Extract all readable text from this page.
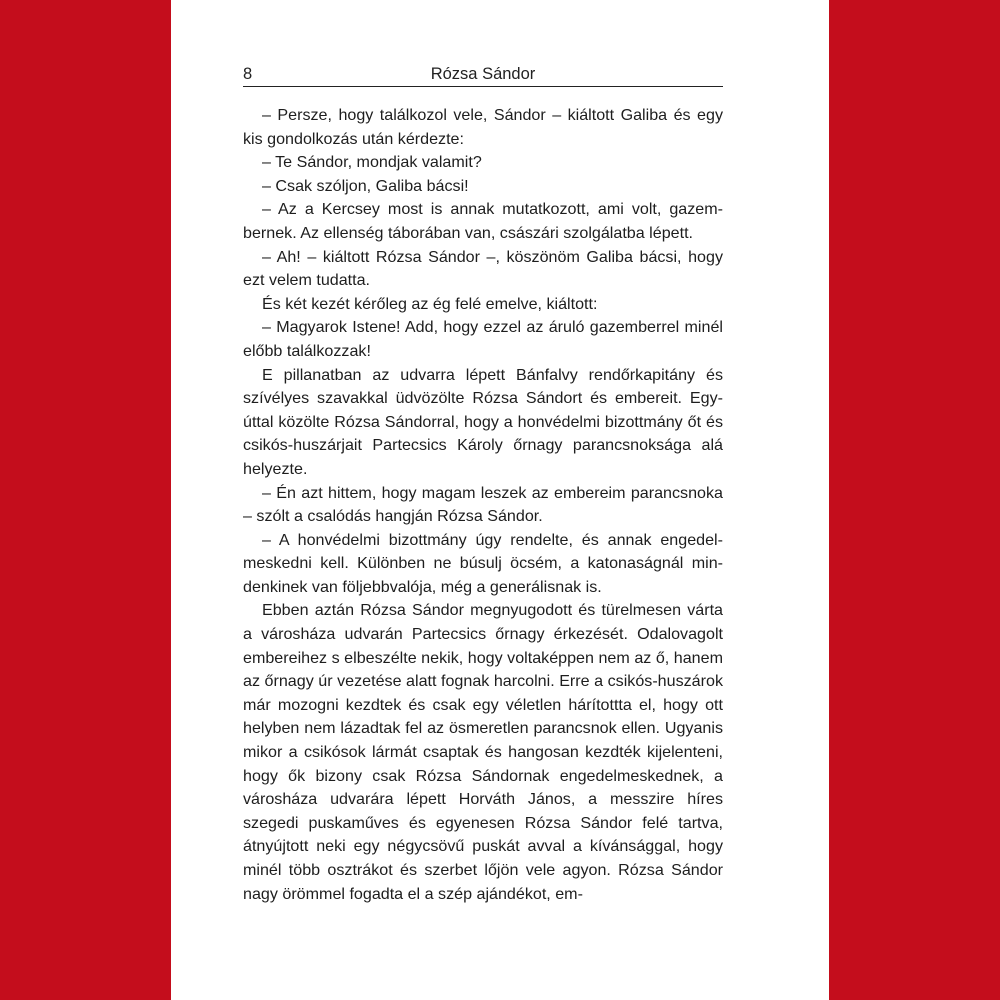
8	Rózsa Sándor

– Persze, hogy találkozol vele, Sándor – kiáltott Galiba és egy kis gondolkozás után kérdezte:

– Te Sándor, mondjak valamit?

– Csak szóljon, Galiba bácsi!

– Az a Kercsey most is annak mutatkozott, ami volt, gazembernek. Az ellenség táborában van, császári szolgálatba lépett.

– Ah! – kiáltott Rózsa Sándor –, köszönöm Galiba bácsi, hogy ezt velem tudatta.

És két kezét kérőleg az ég felé emelve, kiáltott:

– Magyarok Istene! Add, hogy ezzel az áruló gazemberrel minél előbb találkozzak!

E pillanatban az udvarra lépett Bánfalvy rendőrkapitány és szívélyes szavakkal üdvözölte Rózsa Sándort és embereit. Egyúttal közölte Rózsa Sándorral, hogy a honvédelmi bizottmány őt és csikós-huszárjait Partecsics Károly őrnagy parancsnoksága alá helyezte.

– Én azt hittem, hogy magam leszek az embereim parancsnoka – szólt a csalódás hangján Rózsa Sándor.

– A honvédelmi bizottmány úgy rendelte, és annak engedelmeskedni kell. Különben ne búsulj öcsém, a katonaságnál mindenkinek van följebbvalója, még a generálisnak is.

Ebben aztán Rózsa Sándor megnyugodott és türelmesen várta a városháza udvarán Partecsics őrnagy érkezését. Odalovagolt embereihez s elbeszélte nekik, hogy voltaképpen nem az ő, hanem az őrnagy úr vezetése alatt fognak harcolni. Erre a csikós-huszárok már mozogni kezdtek és csak egy véletlen hárítottta el, hogy ott helyben nem lázadtak fel az ösmeretlen parancsnok ellen. Ugyanis mikor a csikósok lármát csaptak és hangosan kezdték kijelenteni, hogy ők bizony csak Rózsa Sándornak engedelmeskednek, a városháza udvarára lépett Horváth János, a messzire híres szegedi puskaműves és egyenesen Rózsa Sándor felé tartva, átnyújtott neki egy négycsövű puskát avval a kívánsággal, hogy minél több osztrákot és szerbet lőjön vele agyon. Rózsa Sándor nagy örömmel fogadta el a szép ajándékot, em-
